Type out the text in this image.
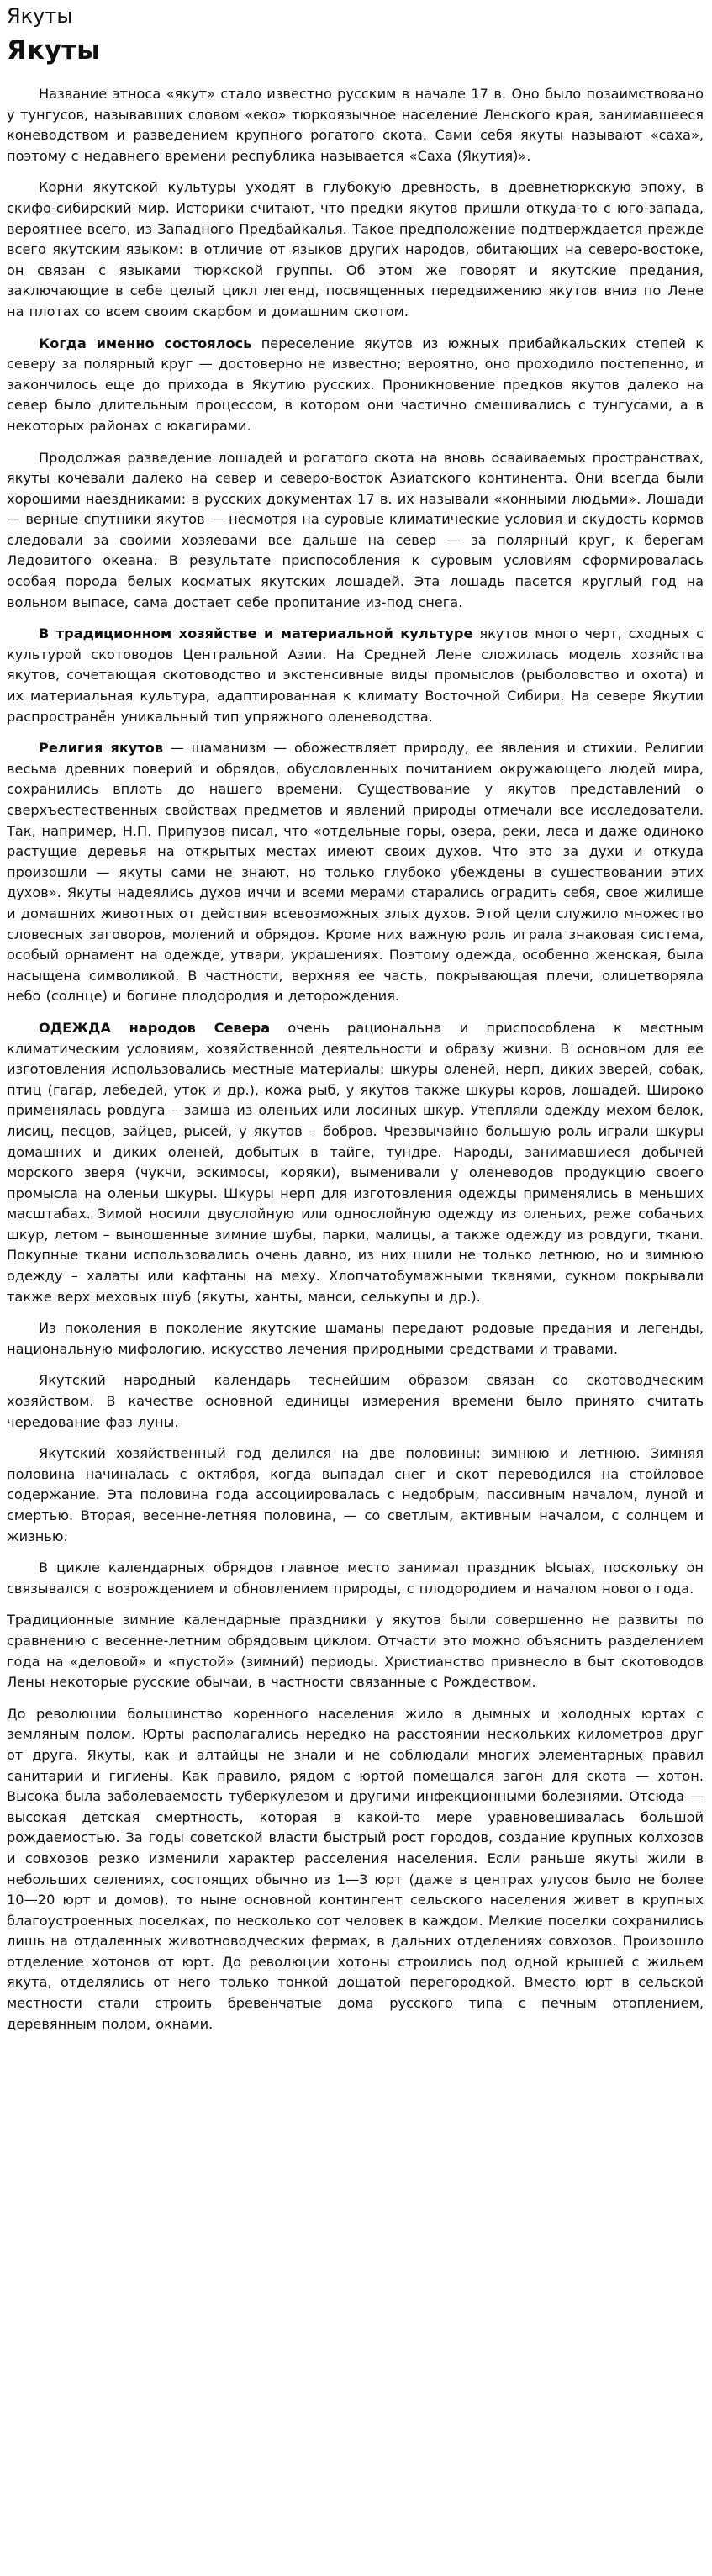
Якуты
Якуты

Название этноса «якут» стало известно русским в начале 17 в. Оно было позаимствовано у тунгусов, называвших словом «еко» тюркоязычное население Ленского края, занимавшееся коневодством и разведением крупного рогатого скота. Сами себя якуты называют «саха», поэтому с недавнего времени республика называется «Саха (Якутия)».

Корни якутской культуры уходят в глубокую древность, в древнетюркскую эпоху, в скифо-сибирский мир. Историки считают, что предки якутов пришли откуда-то с юго-запада, вероятнее всего, из Западного Предбайкалья. Такое предположение подтверждается прежде всего якутским языком: в отличие от языков других народов, обитающих на северо-востоке, он связан с языками тюркской группы. Об этом же говорят и якутские предания, заключающие в себе целый цикл легенд, посвященных передвижению якутов вниз по Лене на плотах со всем своим скарбом и домашним скотом.

Когда именно состоялось переселение якутов из южных прибайкальских степей к северу за полярный круг — достоверно не известно; вероятно, оно проходило постепенно, и закончилось еще до прихода в Якутию русских. Проникновение предков якутов далеко на север было длительным процессом, в котором они частично смешивались с тунгусами, а в некоторых районах с юкагирами.

Продолжая разведение лошадей и рогатого скота на вновь осваиваемых пространствах, якуты кочевали далеко на север и северо-восток Азиатского континента. Они всегда были хорошими наездниками: в русских документах 17 в. их называли «конными людьми». Лошади — верные спутники якутов — несмотря на суровые климатические условия и скудость кормов следовали за своими хозяевами все дальше на север — за полярный круг, к берегам Ледовитого океана. В результате приспособления к суровым условиям сформировалась особая порода белых косматых якутских лошадей. Эта лошадь пасется круглый год на вольном выпасе, сама достает себе пропитание из-под снега.

В традиционном хозяйстве и материальной культуре якутов много черт, сходных с культурой скотоводов Центральной Азии. На Средней Лене сложилась модель хозяйства якутов, сочетающая скотоводство и экстенсивные виды промыслов (рыболовство и охота) и их материальная культура, адаптированная к климату Восточной Сибири. На севере Якутии распространён уникальный тип упряжного оленеводства.

Религия якутов — шаманизм — обожествляет природу, ее явления и стихии. Религии весьма древних поверий и обрядов, обусловленных почитанием окружающего людей мира, сохранились вплоть до нашего времени. Существование у якутов представлений о сверхъестественных свойствах предметов и явлений природы отмечали все исследователи. Так, например, Н.П. Припузов писал, что «отдельные горы, озера, реки, леса и даже одиноко растущие деревья на открытых местах имеют своих духов. Что это за духи и откуда произошли — якуты сами не знают, но только глубоко убеждены в существовании этих духов». Якуты надеялись духов иччи и всеми мерами старались оградить себя, свое жилище и домашних животных от действия всевозможных злых духов. Этой цели служило множество словесных заговоров, молений и обрядов. Кроме них важную роль играла знаковая система, особый орнамент на одежде, утвари, украшениях. Поэтому одежда, особенно женская, была насыщена символикой. В частности, верхняя ее часть, покрывающая плечи, олицетворяла небо (солнце) и богине плодородия и деторождения.

ОДЕЖДА народов Севера очень рациональна и приспособлена к местным климатическим условиям, хозяйственной деятельности и образу жизни. В основном для ее изготовления использовались местные материалы: шкуры оленей, нерп, диких зверей, собак, птиц (гагар, лебедей, уток и др.), кожа рыб, у якутов также шкуры коров, лошадей. Широко применялась ровдуга – замша из оленьих или лосиных шкур. Утепляли одежду мехом белок, лисиц, песцов, зайцев, рысей, у якутов – бобров. Чрезвычайно большую роль играли шкуры домашних и диких оленей, добытых в тайге, тундре. Народы, занимавшиеся добычей морского зверя (чукчи, эскимосы, коряки), выменивали у оленеводов продукцию своего промысла на оленьи шкуры. Шкуры нерп для изготовления одежды применялись в меньших масштабах. Зимой носили двуслойную или однослойную одежду из оленьих, реже собачьих шкур, летом – выношенные зимние шубы, парки, малицы, а также одежду из ровдуги, ткани. Покупные ткани использовались очень давно, из них шили не только летнюю, но и зимнюю одежду – халаты или кафтаны на меху. Хлопчатобумажными тканями, сукном покрывали также верх меховых шуб (якуты, ханты, манси, селькупы и др.).

Из поколения в поколение якутские шаманы передают родовые предания и легенды, национальную мифологию, искусство лечения природными средствами и травами.

Якутский народный календарь теснейшим образом связан со скотоводческим хозяйством. В качестве основной единицы измерения времени было принято считать чередование фаз луны.

Якутский хозяйственный год делился на две половины: зимнюю и летнюю. Зимняя половина начиналась с октября, когда выпадал снег и скот переводился на стойловое содержание. Эта половина года ассоциировалась с недобрым, пассивным началом, луной и смертью. Вторая, весенне-летняя половина, — со светлым, активным началом, с солнцем и жизнью.

В цикле календарных обрядов главное место занимал праздник Ысыах, поскольку он связывался с возрождением и обновлением природы, с плодородием и началом нового года.

Традиционные зимние календарные праздники у якутов были совершенно не развиты по сравнению с весенне-летним обрядовым циклом. Отчасти это можно объяснить разделением года на «деловой» и «пустой» (зимний) периоды. Христианство привнесло в быт скотоводов Лены некоторые русские обычаи, в частности связанные с Рождеством.

До революции большинство коренного населения жило в дымных и холодных юртах с земляным полом. Юрты располагались нередко на расстоянии нескольких километров друг от друга. Якуты, как и алтайцы не знали и не соблюдали многих элементарных правил санитарии и гигиены. Как правило, рядом с юртой помещался загон для скота — хотон. Высока была заболеваемость туберкулезом и другими инфекционными болезнями. Отсюда — высокая детская смертность, которая в какой-то мере уравновешивалась большой рождаемостью. За годы советской власти быстрый рост городов, создание крупных колхозов и совхозов резко изменили характер расселения населения. Если раньше якуты жили в небольших селениях, состоящих обычно из 1—3 юрт (даже в центрах улусов было не более 10—20 юрт и домов), то ныне основной контингент сельского населения живет в крупных благоустроенных поселках, по несколько сот человек в каждом. Мелкие поселки сохранились лишь на отдаленных животноводческих фермах, в дальних отделениях совхозов. Произошло отделение хотонов от юрт. До революции хотоны строились под одной крышей с жильем якута, отделялись от него только тонкой дощатой перегородкой. Вместо юрт в сельской местности стали строить бревенчатые дома русского типа с печным отоплением, деревянным полом, окнами.
